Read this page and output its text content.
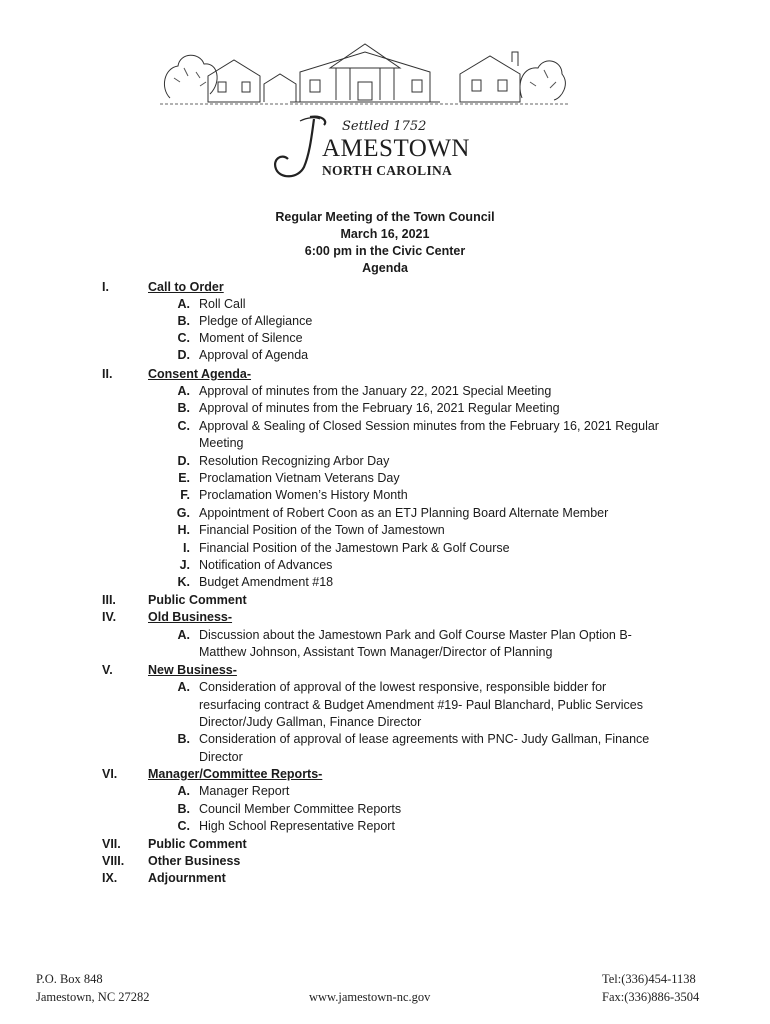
Settled 1752
AMESTOWN
NORTH CAROLINA
Regular Meeting of the Town Council
March 16, 2021
6:00 pm in the Civic Center
Agenda
I.	Call to Order
A. Roll Call
B. Pledge of Allegiance
C. Moment of Silence
D. Approval of Agenda
II.	Consent Agenda-
A. Approval of minutes from the January 22, 2021 Special Meeting
B. Approval of minutes from the February 16, 2021 Regular Meeting
C. Approval & Sealing of Closed Session minutes from the February 16, 2021 Regular
Meeting
D. Resolution Recognizing Arbor Day
E. Proclamation Vietnam Veterans Day
F. Proclamation Women’s History Month
G. Appointment of Robert Coon as an ETJ Planning Board Alternate Member
H. Financial Position of the Town of Jamestown
I. Financial Position of the Jamestown Park & Golf Course
J. Notification of Advances
K. Budget Amendment #18
III.	Public Comment
IV.	Old Business-
A. Discussion about the Jamestown Park and Golf Course Master Plan Option B-
Matthew Johnson, Assistant Town Manager/Director of Planning
V.	New Business-
A. Consideration of approval of the lowest responsive, responsible bidder for
resurfacing contract & Budget Amendment #19- Paul Blanchard, Public Services
Director/Judy Gallman, Finance Director
B. Consideration of approval of lease agreements with PNC- Judy Gallman, Finance
Director
VI. Manager/Committee Reports-
A. Manager Report
B. Council Member Committee Reports
C. High School Representative Report
VII. Public Comment
VIII. Other Business
IX. Adjournment
P.O. Box 848
Jamestown, NC 27282	www.jamestown-nc.gov
Tel:(336)454-1138
Fax:(336)886-3504
